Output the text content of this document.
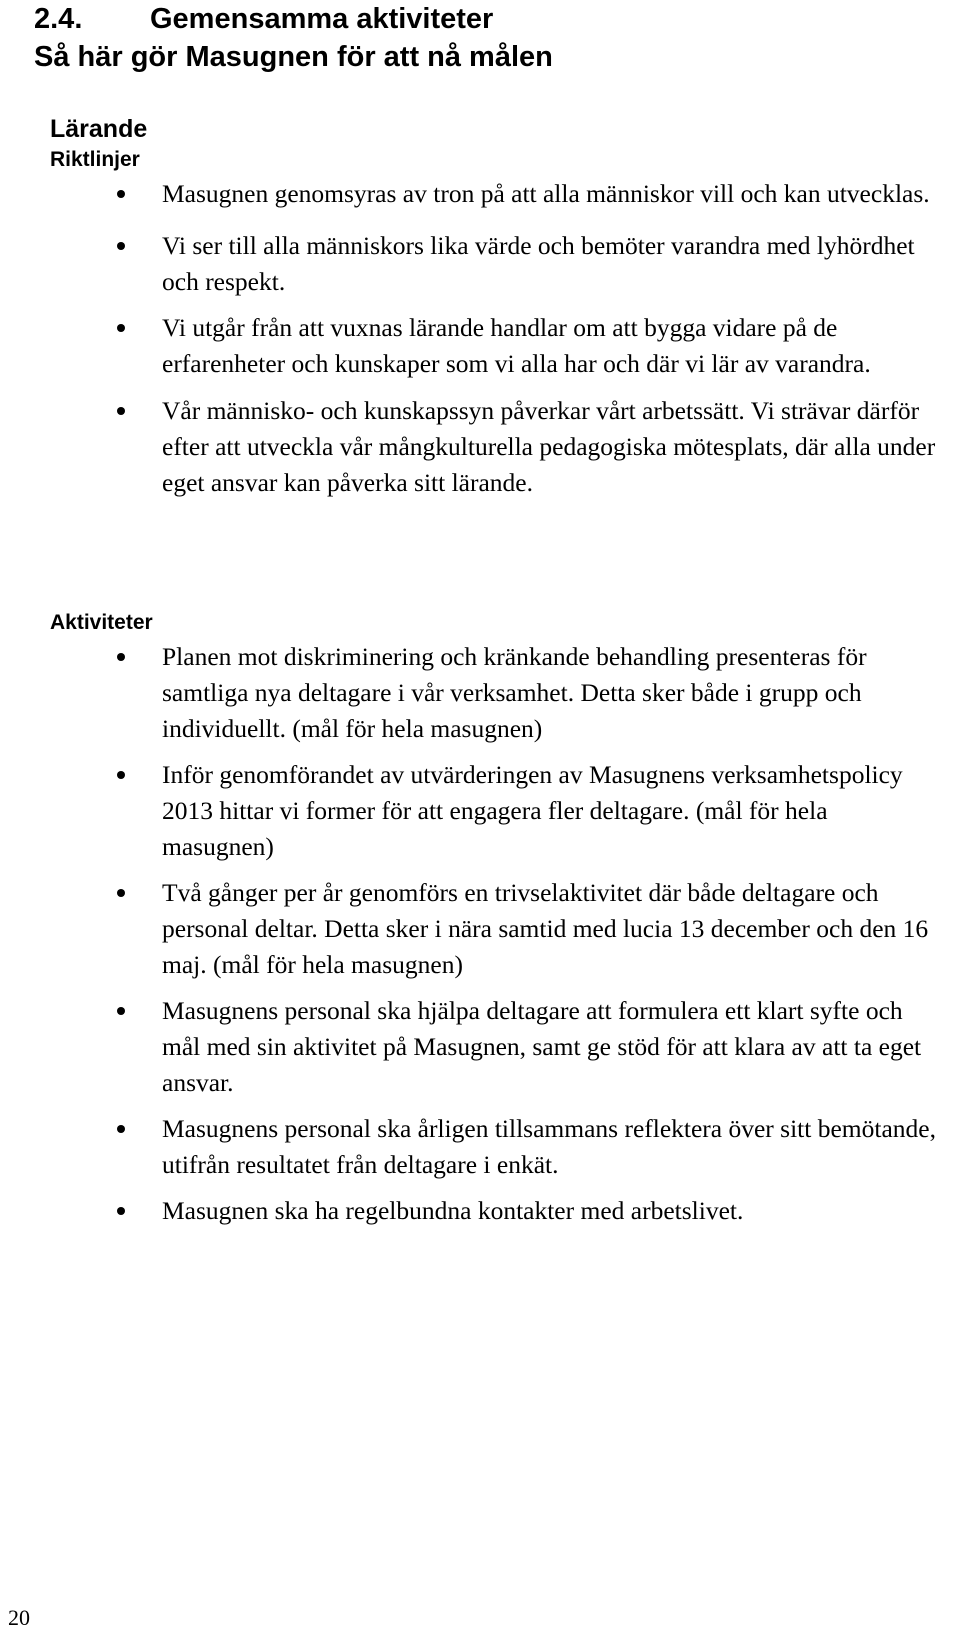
2.4. Gemensamma aktiviteter
Så här gör Masugnen för att nå målen
Lärande
Riktlinjer
Masugnen genomsyras av tron på att alla människor vill och kan utvecklas.
Vi ser till alla människors lika värde och bemöter varandra med lyhördhet och respekt.
Vi utgår från att vuxnas lärande handlar om att bygga vidare på de erfarenheter och kunskaper som vi alla har och där vi lär av varandra.
Vår människo- och kunskapssyn påverkar vårt arbetssätt. Vi strävar därför efter att utveckla vår mångkulturella pedagogiska mötesplats, där alla under eget ansvar kan påverka sitt lärande.
Aktiviteter
Planen mot diskriminering och kränkande behandling presenteras för samtliga nya deltagare i vår verksamhet. Detta sker både i grupp och individuellt. (mål för hela masugnen)
Inför genomförandet av utvärderingen av Masugnens verksamhetspolicy 2013 hittar vi former för att engagera fler deltagare. (mål för hela masugnen)
Två gånger per år genomförs en trivselaktivitet där både deltagare och personal deltar. Detta sker i nära samtid med lucia 13 december och den 16 maj. (mål för hela masugnen)
Masugnens personal ska hjälpa deltagare att formulera ett klart syfte och mål med sin aktivitet på Masugnen, samt ge stöd för att klara av att ta eget ansvar.
Masugnens personal ska årligen tillsammans reflektera över sitt bemötande, utifrån resultatet från deltagare i enkät.
Masugnen ska ha regelbundna kontakter med arbetslivet.
20
